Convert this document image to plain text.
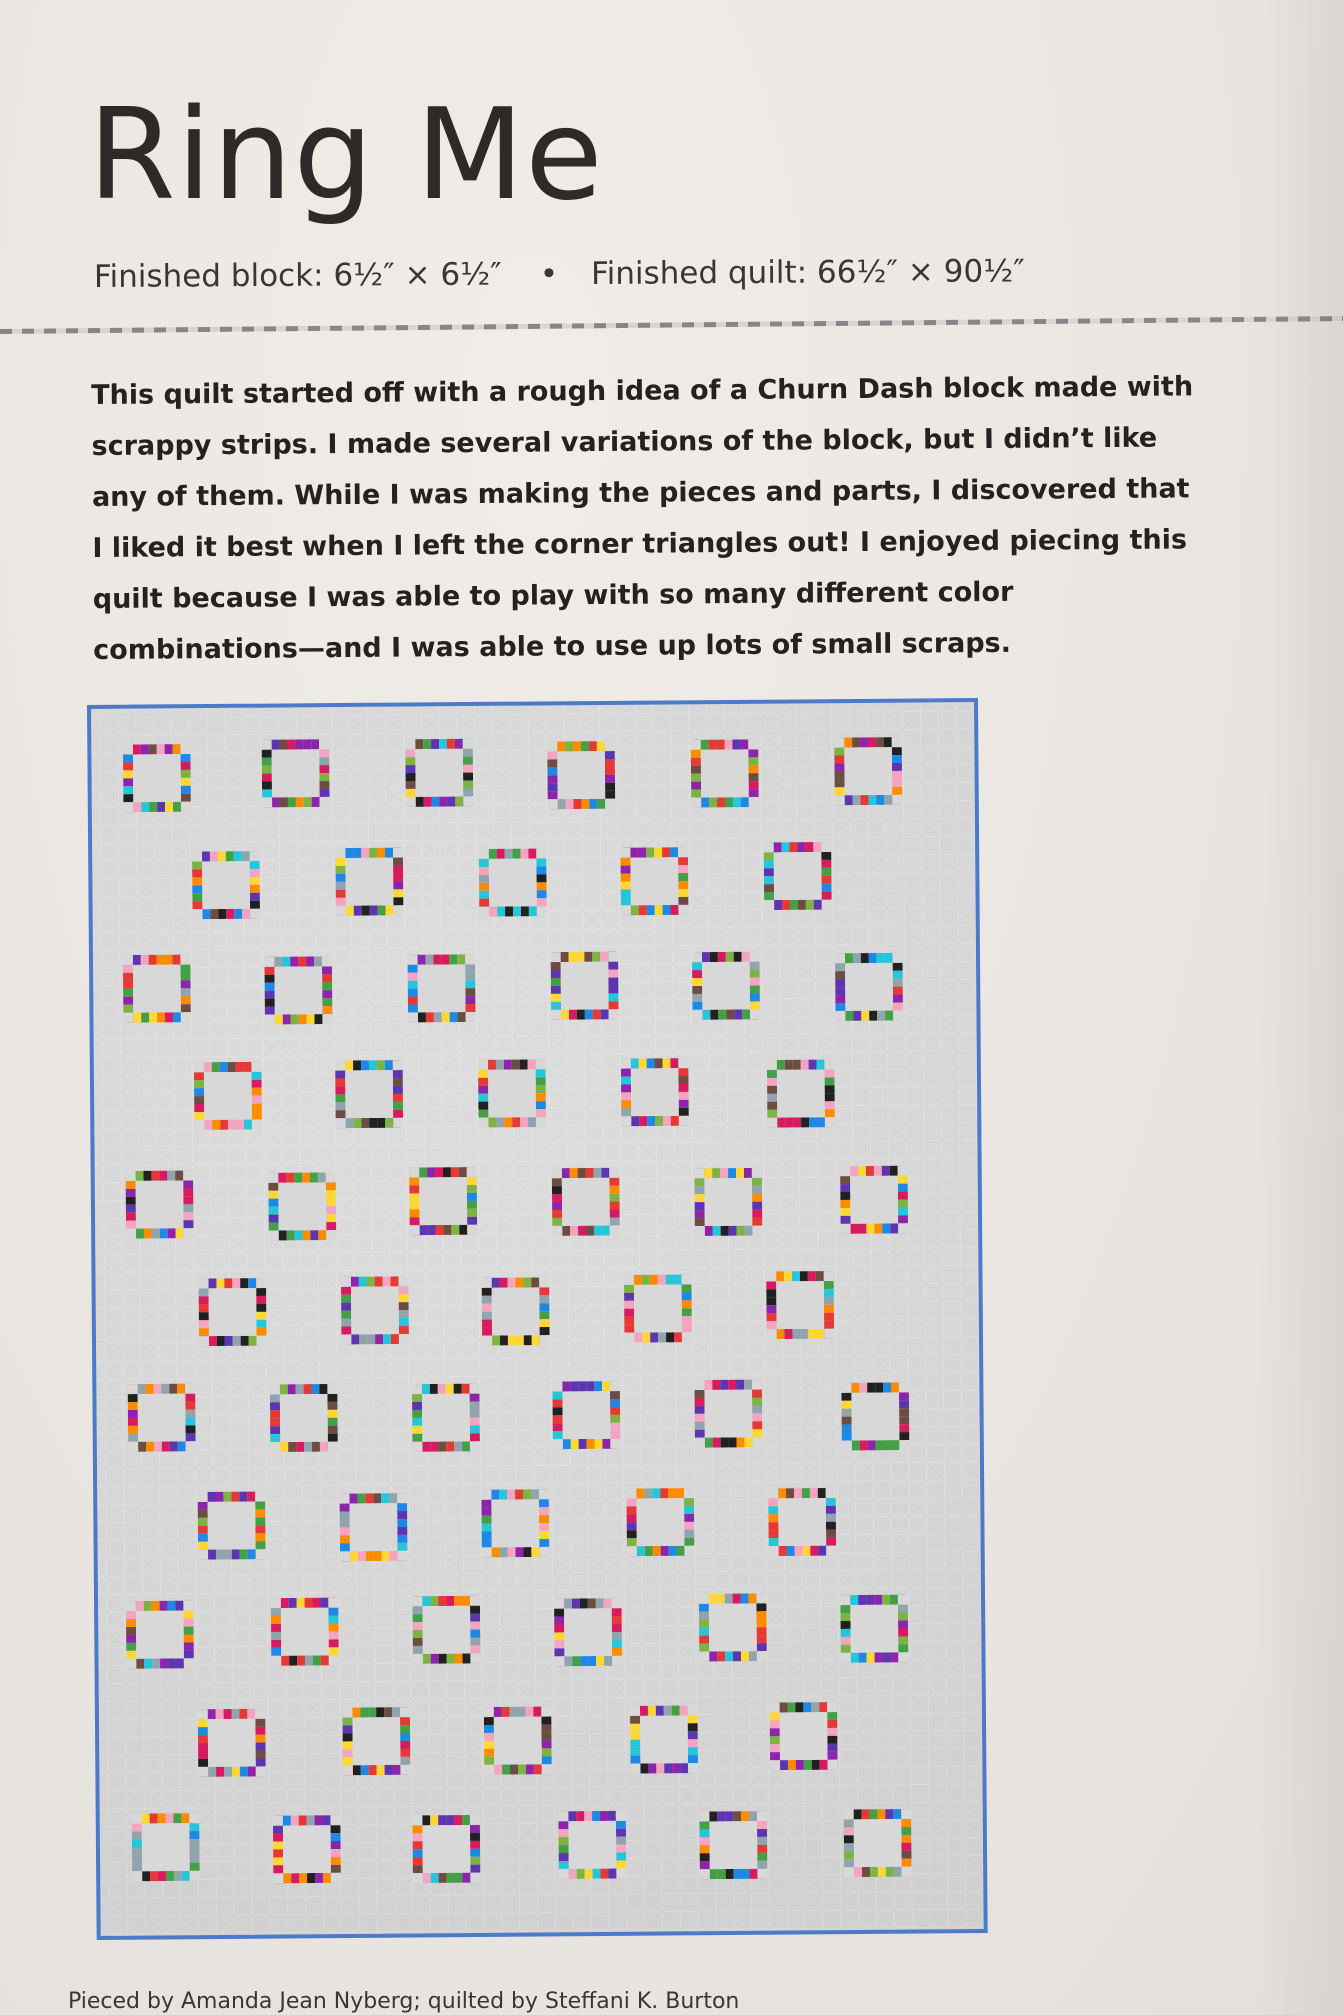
Ring Me
Finished block: 6½″ × 6½″ • Finished quilt: 66½″ × 90½″

This quilt started off with a rough idea of a Churn Dash block made with scrappy strips. I made several variations of the block, but I didn’t like any of them. While I was making the pieces and parts, I discovered that I liked it best when I left the corner triangles out! I enjoyed piecing this quilt because I was able to play with so many different color combinations—and I was able to use up lots of small scraps.

Pieced by Amanda Jean Nyberg; quilted by Steffani K. Burton
